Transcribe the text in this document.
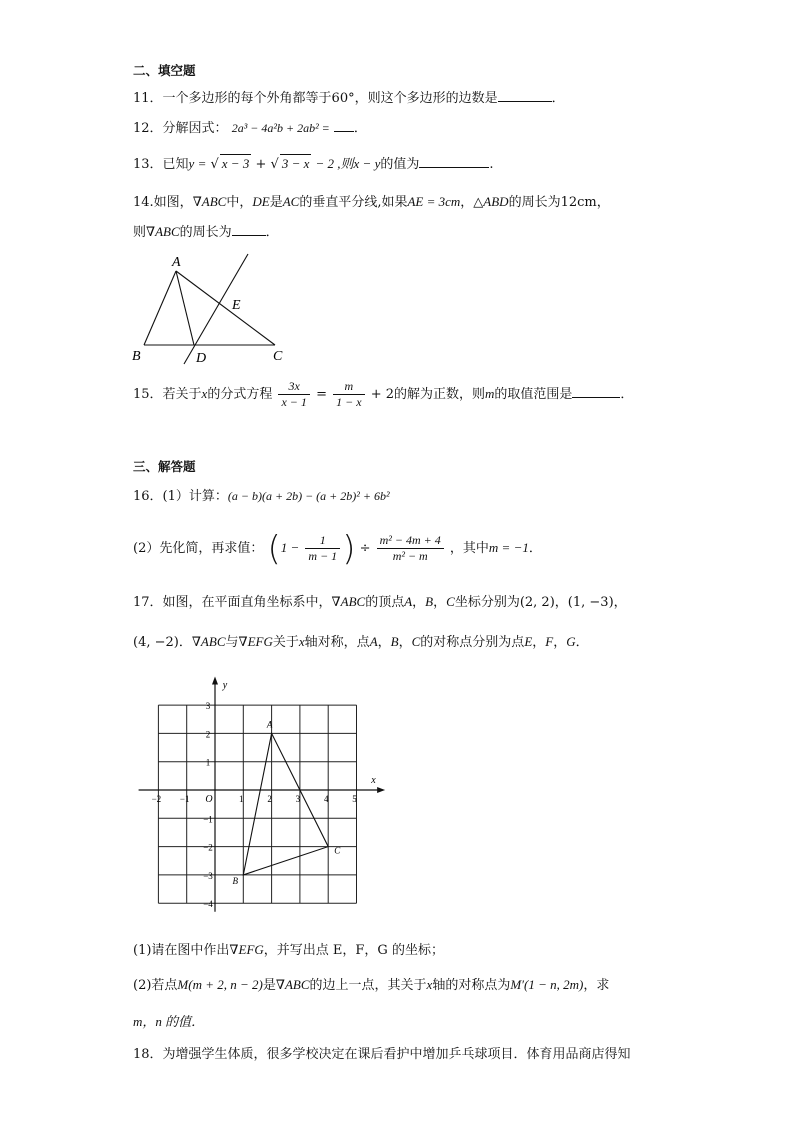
二、填空题
11．一个多边形的每个外角都等于60°，则这个多边形的边数是	．
12．分解因式： 2a³ − 4a²b + 2ab² = ．
13．已知y = √ x − 3 + √ 3 − x − 2 ,则x − y的值为	.
14.如图，∇ABC中，DE是AC的垂直平分线,如果AE = 3cm，△ABD的周长为12cm，
则∇ABC的周长为	．
A
B	C
D
E
15．若关于x的分式方程 $\frac{3x}{x - 1} = \frac{m}{1 - x} + 2$的解为正数，则m的取值范围是	．
三、解答题
16．(1）计算：(a − b)(a + 2b) − (a + 2b)² + 6b²
(2）先化简，再求值： ($1 - \frac{1}{m - 1}$ ) ÷ $\frac{\text{m² − 4m + 4}}{\text{m² − m}}$ ，其中m = −1．
17．如图，在平面直角坐标系中，∇ABC的顶点A，B，C坐标分别为(2, 2)，(1, −3)，
(4, −2)．∇ABC与∇EFG关于x轴对称，点A，B，C的对称点分别为点E，F，G．
−2 −1 O	1	2	3	4	5
3
2
1
−1
−2
−3
−4
x
y
A
B
C
(1)请在图中作出∇EFG，并写出点 E，F，G 的坐标；
(2)若点M(m + 2, n − 2)是∇ABC的边上一点，其关于x轴的对称点为M′(1 − n, 2m)，求
m，n 的值．
18．为增强学生体质，很多学校决定在课后看护中增加乒乓球项目．体育用品商店得知
